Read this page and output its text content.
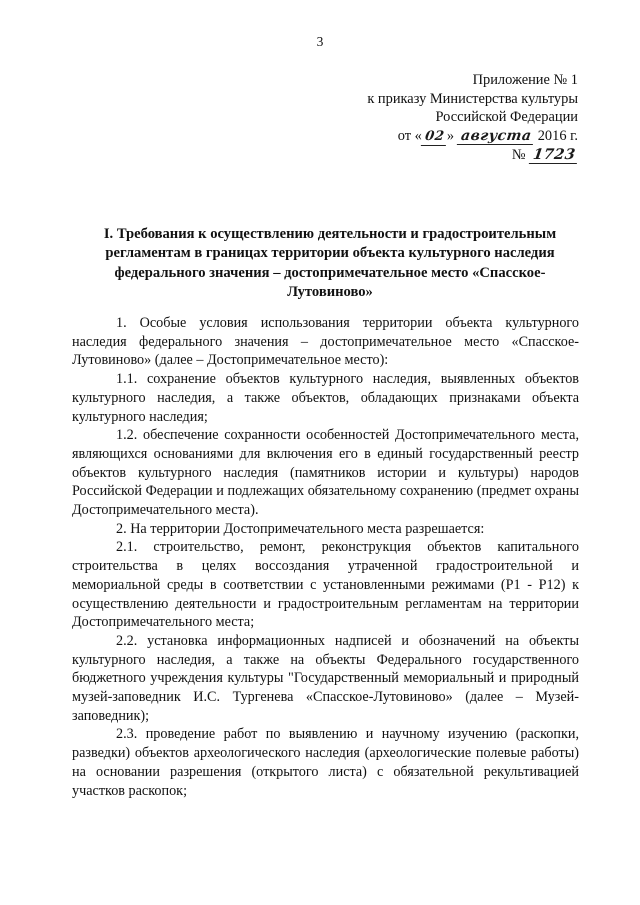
3
Приложение № 1
к приказу Министерства культуры
Российской Федерации
от « 02 » августа 2016 г.
№ 1723
I. Требования к осуществлению деятельности и градостроительным регламентам в границах территории объекта культурного наследия федерального значения – достопримечательное место «Спасское-Лутовиново»

1. Особые условия использования территории объекта культурного наследия федерального значения – достопримечательное место «Спасское-Лутовиново» (далее – Достопримечательное место):

1.1. сохранение объектов культурного наследия, выявленных объектов культурного наследия, а также объектов, обладающих признаками объекта культурного наследия;

1.2. обеспечение сохранности особенностей Достопримечательного места, являющихся основаниями для включения его в единый государственный реестр объектов культурного наследия (памятников истории и культуры) народов Российской Федерации и подлежащих обязательному сохранению (предмет охраны Достопримечательного места).

2. На территории Достопримечательного места разрешается:

2.1. строительство, ремонт, реконструкция объектов капитального строительства в целях воссоздания утраченной градостроительной и мемориальной среды в соответствии с установленными режимами (Р1 - Р12) к осуществлению деятельности и градостроительным регламентам на территории Достопримечательного места;

2.2. установка информационных надписей и обозначений на объекты культурного наследия, а также на объекты Федерального государственного бюджетного учреждения культуры "Государственный мемориальный и природный музей-заповедник И.С. Тургенева «Спасское-Лутовиново» (далее – Музей-заповедник);

2.3. проведение работ по выявлению и научному изучению (раскопки, разведки) объектов археологического наследия (археологические полевые работы) на основании разрешения (открытого листа) с обязательной рекультивацией участков раскопок;
